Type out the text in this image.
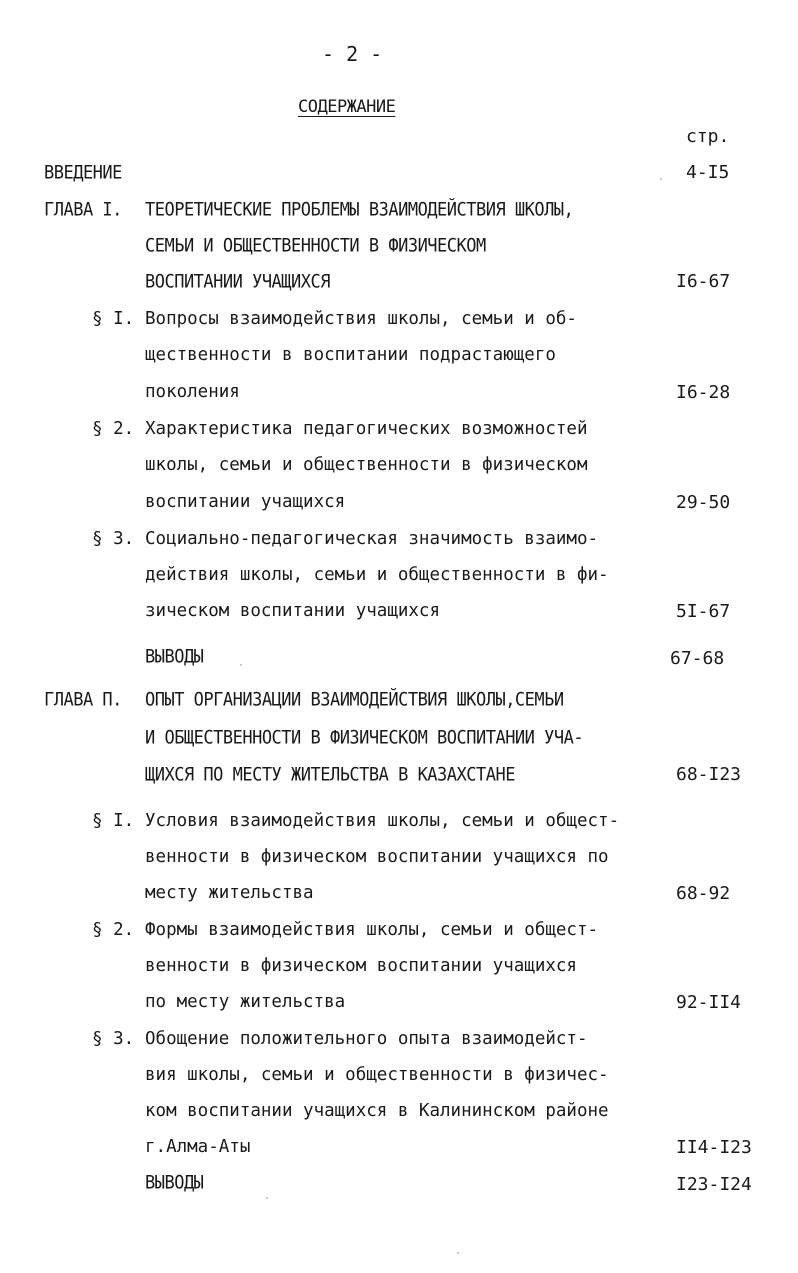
- 2 -
СОДЕРЖАНИЕ
стр.
ВВЕДЕНИЕ	4-I5
ГЛАВА I. ТЕОРЕТИЧЕСКИЕ ПРОБЛЕМЫ ВЗАИМОДЕЙСТВИЯ ШКОЛЫ,
СЕМЬИ И ОБЩЕСТВЕННОСТИ В ФИЗИЧЕСКОМ
ВОСПИТАНИИ УЧАЩИХСЯ	I6-67
§ I. Вопросы взаимодействия школы, семьи и об-
щественности в воспитании подрастающего
поколения	I6-28
§ 2. Характеристика педагогических возможностей
школы, семьи и общественности в физическом
воспитании учащихся	29-50
§ 3. Социально-педагогическая значимость взаимо-
действия школы, семьи и общественности в фи-
зическом воспитании учащихся	5I-67
ВЫВОДЫ	67-68
ГЛАВА П. ОПЫТ ОРГАНИЗАЦИИ ВЗАИМОДЕЙСТВИЯ ШКОЛЫ,СЕМЬИ
И ОБЩЕСТВЕННОСТИ В ФИЗИЧЕСКОМ ВОСПИТАНИИ УЧА-
ЩИХСЯ ПО МЕСТУ ЖИТЕЛЬСТВА В КАЗАХСТАНЕ	68-I23
§ I. Условия взаимодействия школы, семьи и общест-
венности в физическом воспитании учащихся по
месту жительства	68-92
§ 2. Формы взаимодействия школы, семьи и общест-
венности в физическом воспитании учащихся
по месту жительства	92-II4
§ 3. Обощение положительного опыта взаимодейст-
вия школы, семьи и общественности в физичес-
ком воспитании учащихся в Калининском районе
г.Алма-Аты	II4-I23
ВЫВОДЫ	I23-I24
